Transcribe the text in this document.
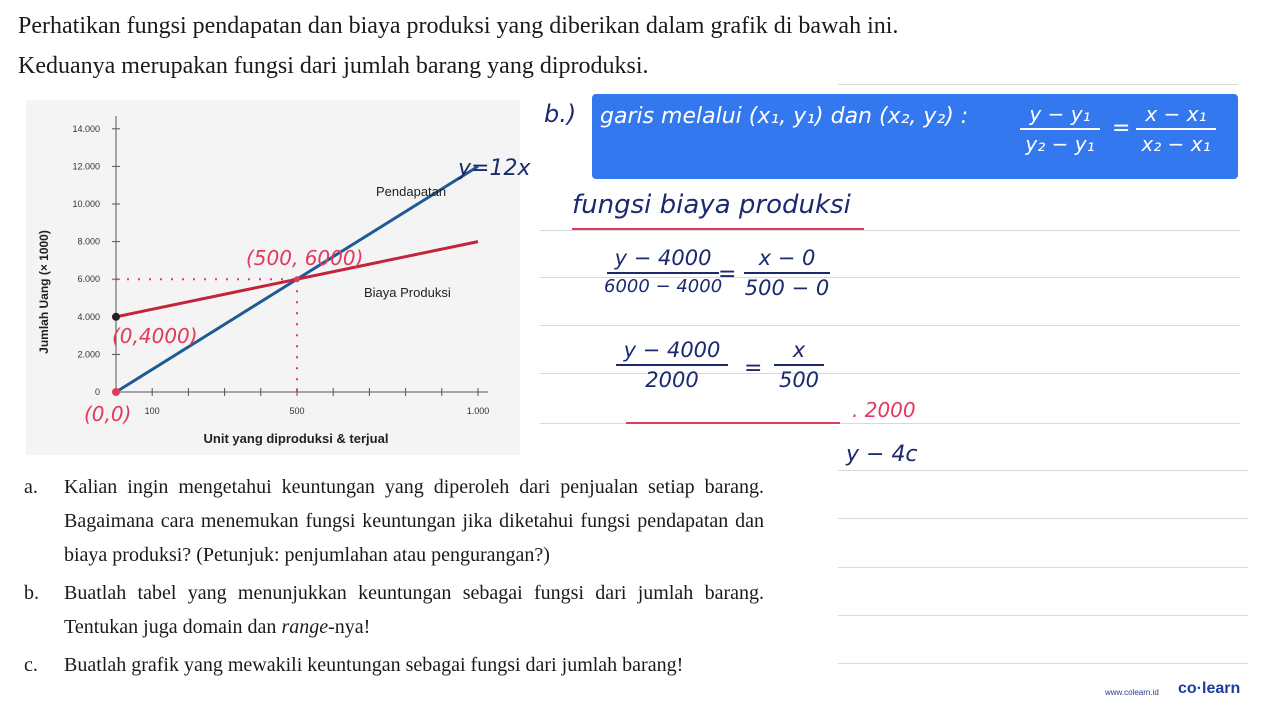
Perhatikan fungsi pendapatan dan biaya produksi yang diberikan dalam grafik di bawah ini. Keduanya merupakan fungsi dari jumlah barang yang diproduksi.

0
2.000
4.000
6.000
8.000
10.000
12.000
14.000
100	500	1.000
Jumlah Uang (× 1000)
Unit yang diproduksi & terjual
Pendapatan
Biaya Produksi
y=12x
(500, 6000)
(0,4000)
(0,0)
b.) garis melalui (x₁, y₁) dan (x₂, y₂) :	y − y₁
y₂ − y₁
=
x − x₁
x₂ − x₁
fungsi biaya produksi
y − 4000
6000 − 4000
=
x − 0
500 − 0
y − 4000
2000 =
x
500
. 2000
y − 4c
a.	Kalian ingin mengetahui keuntungan yang diperoleh dari penjualan setiap barang. Bagaimana cara menemukan fungsi keuntungan jika diketahui fungsi pendapatan dan biaya produksi? (Petunjuk: penjumlahan atau pengurangan?)
b.	Buatlah tabel yang menunjukkan keuntungan sebagai fungsi dari jumlah barang. Tentukan juga domain dan range-nya!
c.	Buatlah grafik yang mewakili keuntungan sebagai fungsi dari jumlah barang!
www.colearn.id co·learn
